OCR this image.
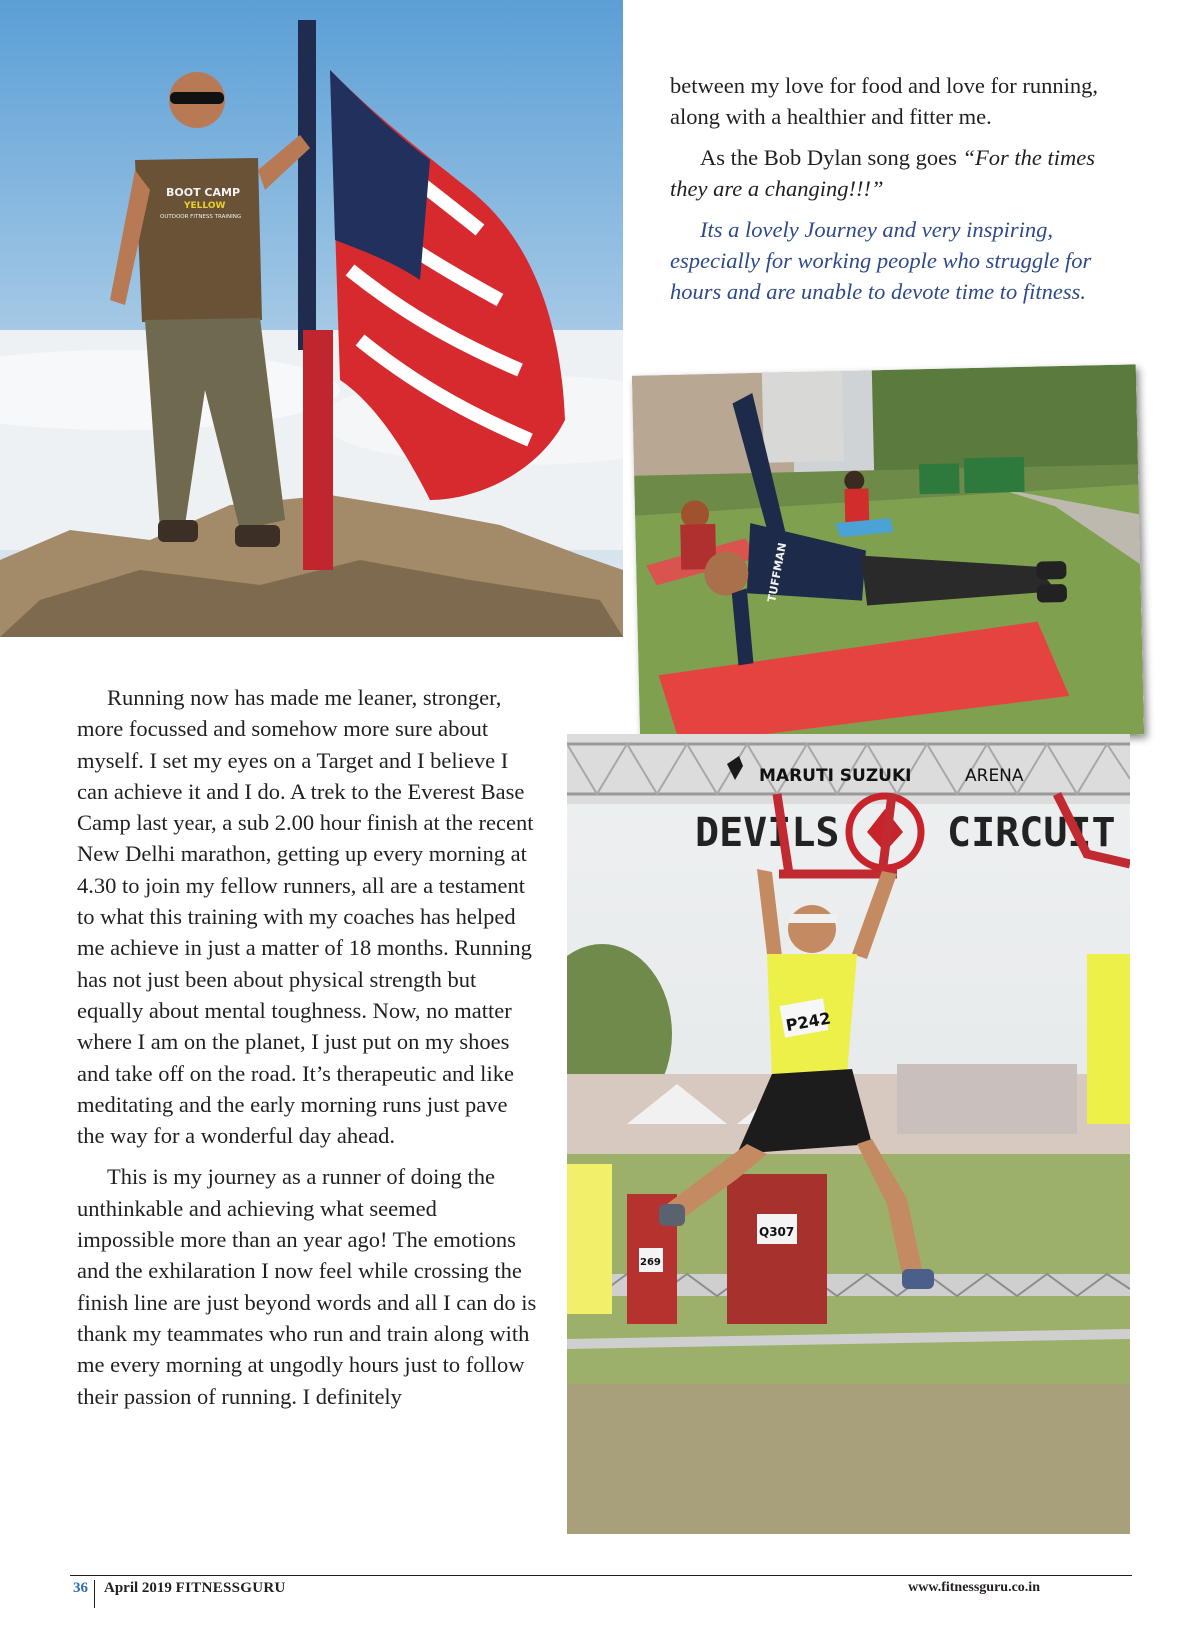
BOOT CAMP
YELLOW
OUTDOOR FITNESS TRAINING

between my love for food and love for running, along with a healthier and fitter me.

As the Bob Dylan song goes “For the times they are a changing!!!”

Its a lovely Journey and very inspiring, especially for working people who struggle for hours and are unable to devote time to fitness.

TUFFMAN
MARUTI SUZUKI	ARENA
DEVILS	CIRCUIT
Q307
269
P242

Running now has made me leaner, stronger, more focussed and somehow more sure about myself. I set my eyes on a Target and I believe I can achieve it and I do. A trek to the Everest Base Camp last year, a sub 2.00 hour finish at the recent New Delhi marathon, getting up every morning at 4.30 to join my fellow runners, all are a testament to what this training with my coaches has helped me achieve in just a matter of 18 months. Running has not just been about physical strength but equally about mental toughness. Now, no matter where I am on the planet, I just put on my shoes and take off on the road. It’s therapeutic and like meditating and the early morning runs just pave the way for a wonderful day ahead.

This is my journey as a runner of doing the unthinkable and achieving what seemed impossible more than an year ago! The emotions and the exhilaration I now feel while crossing the finish line are just beyond words and all I can do is thank my teammates who run and train along with me every morning at ungodly hours just to follow their passion of running. I definitely

36	April 2019 FITNESSGURU	www.fitnessguru.co.in
